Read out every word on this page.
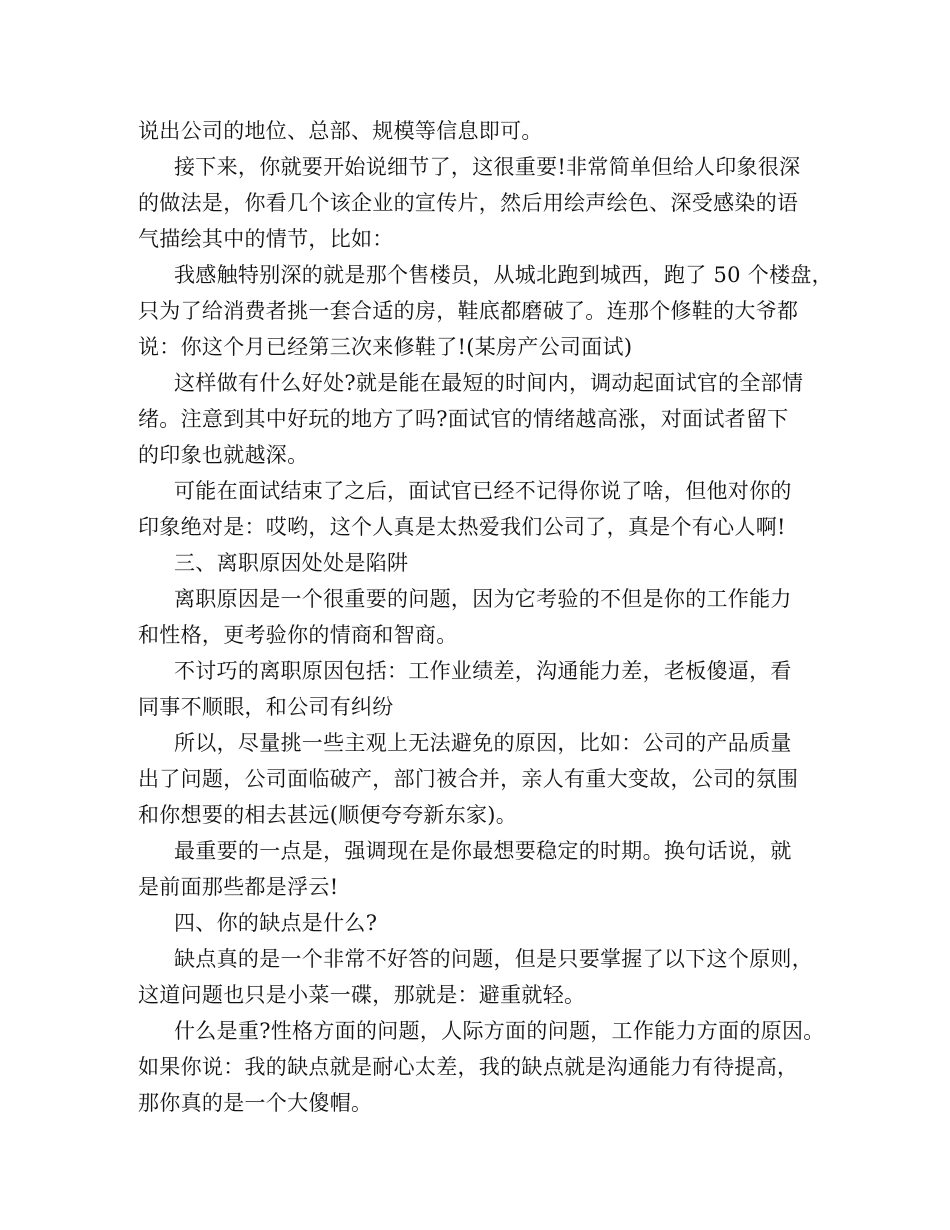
说出公司的地位、总部、规模等信息即可。
接下来，你就要开始说细节了，这很重要!非常简单但给人印象很深
的做法是，你看几个该企业的宣传片，然后用绘声绘色、深受感染的语
气描绘其中的情节，比如：
我感触特别深的就是那个售楼员，从城北跑到城西，跑了 50 个楼盘，
只为了给消费者挑一套合适的房，鞋底都磨破了。连那个修鞋的大爷都
说：你这个月已经第三次来修鞋了!(某房产公司面试)
这样做有什么好处?就是能在最短的时间内，调动起面试官的全部情
绪。注意到其中好玩的地方了吗?面试官的情绪越高涨，对面试者留下
的印象也就越深。
可能在面试结束了之后，面试官已经不记得你说了啥，但他对你的
印象绝对是：哎哟，这个人真是太热爱我们公司了，真是个有心人啊!
三、离职原因处处是陷阱
离职原因是一个很重要的问题，因为它考验的不但是你的工作能力
和性格，更考验你的情商和智商。
不讨巧的离职原因包括：工作业绩差，沟通能力差，老板傻逼，看
同事不顺眼，和公司有纠纷
所以，尽量挑一些主观上无法避免的原因，比如：公司的产品质量
出了问题，公司面临破产，部门被合并，亲人有重大变故，公司的氛围
和你想要的相去甚远(顺便夸夸新东家)。
最重要的一点是，强调现在是你最想要稳定的时期。换句话说，就
是前面那些都是浮云!
四、你的缺点是什么?
缺点真的是一个非常不好答的问题，但是只要掌握了以下这个原则，
这道问题也只是小菜一碟，那就是：避重就轻。
什么是重?性格方面的问题，人际方面的问题，工作能力方面的原因。
如果你说：我的缺点就是耐心太差，我的缺点就是沟通能力有待提高，
那你真的是一个大傻帽。
